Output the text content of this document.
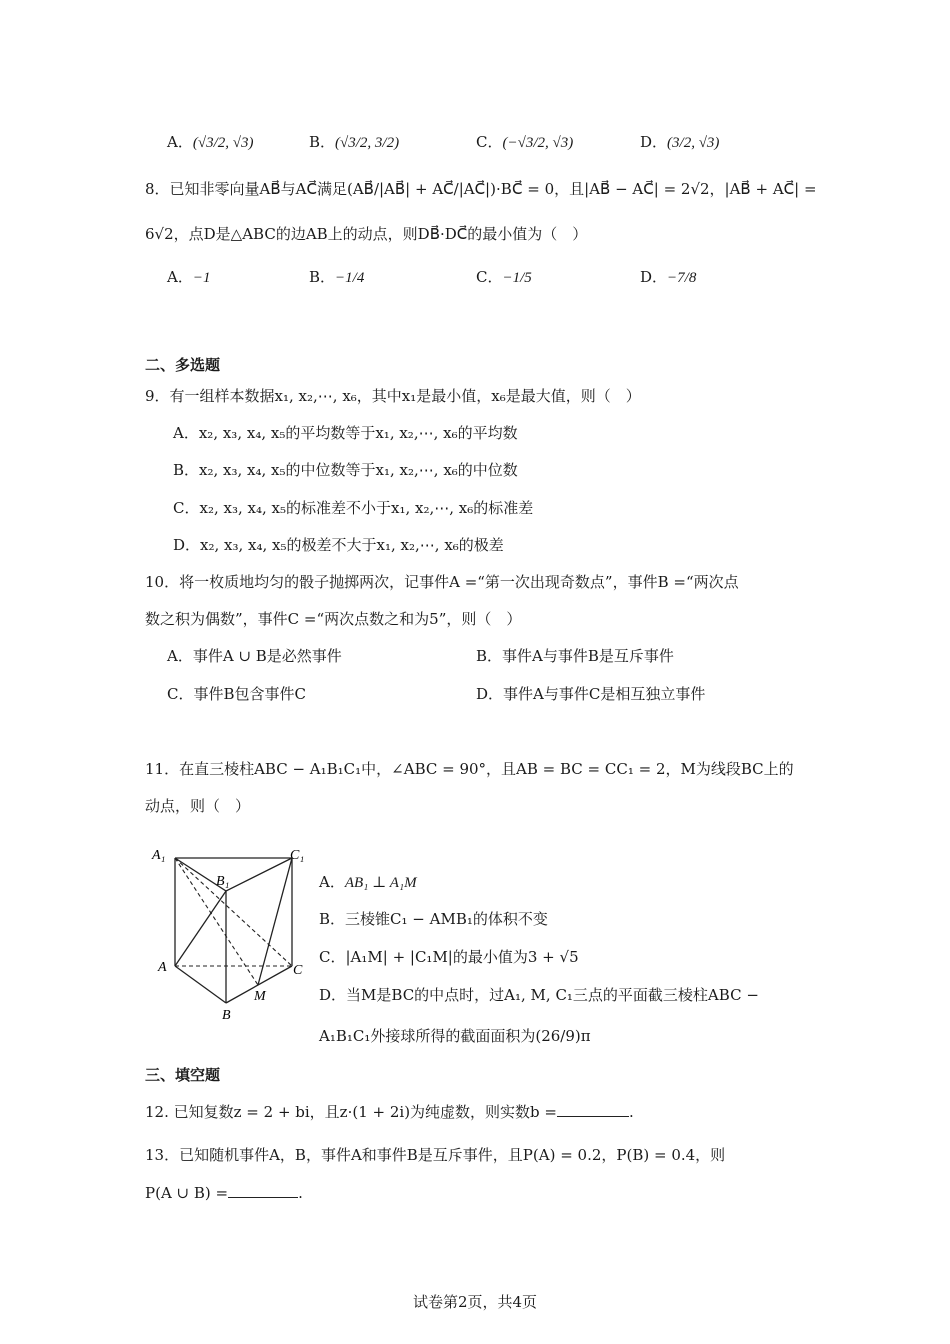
A．(√3/2, √3)	B．(√3/2, 3/2)	C．(−√3/2, √3)	D．(3/2, √3)
8．已知非零向量AB⃗与AC⃗满足(AB⃗/|AB⃗| + AC⃗/|AC⃗|)·BC⃗ = 0，且|AB⃗ − AC⃗| = 2√2，|AB⃗ + AC⃗| =
6√2，点D是△ABC的边AB上的动点，则DB⃗·DC⃗的最小值为（　）
A．−1	B．−1/4	C．−1/5	D．−7/8
二、多选题
9．有一组样本数据x₁, x₂,⋯, x₆，其中x₁是最小值，x₆是最大值，则（　）
A．x₂, x₃, x₄, x₅的平均数等于x₁, x₂,⋯, x₆的平均数
B．x₂, x₃, x₄, x₅的中位数等于x₁, x₂,⋯, x₆的中位数
C．x₂, x₃, x₄, x₅的标准差不小于x₁, x₂,⋯, x₆的标准差
D．x₂, x₃, x₄, x₅的极差不大于x₁, x₂,⋯, x₆的极差
10．将一枚质地均匀的骰子抛掷两次，记事件A =“第一次出现奇数点”，事件B =“两次点
数之积为偶数”，事件C =“两次点数之和为5”，则（　）
A．事件A ∪ B是必然事件	B．事件A与事件B是互斥事件
C．事件B包含事件C	D．事件A与事件C是相互独立事件
11．在直三棱柱ABC − A₁B₁C₁中，∠ABC = 90°，且AB = BC = CC₁ = 2，M为线段BC上的
动点，则（　）
A₁	C₁
B₁
A	C
M
B
A．AB₁ ⊥ A₁M
B．三棱锥C₁ − AMB₁的体积不变
C．|A₁M| + |C₁M|的最小值为3 + √5
D．当M是BC的中点时，过A₁, M, C₁三点的平面截三棱柱ABC −
A₁B₁C₁外接球所得的截面面积为(26/9)π
三、填空题
12. 已知复数z = 2 + bi，且z·(1 + 2i)为纯虚数，则实数b =	.
13．已知随机事件A，B，事件A和事件B是互斥事件，且P(A) = 0.2，P(B) = 0.4，则
P(A ∪ B) =	.
试卷第2页，共4页
